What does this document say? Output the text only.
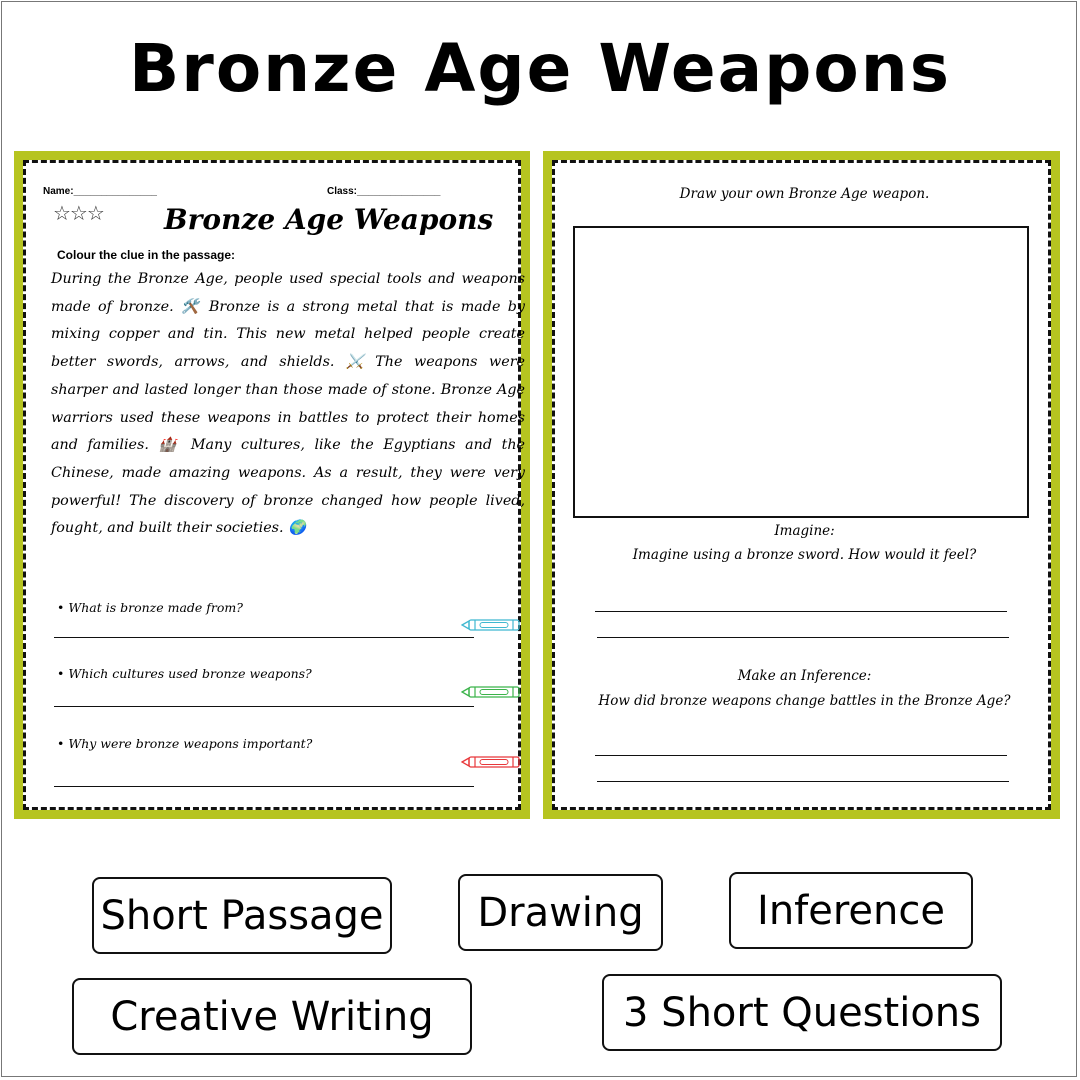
Bronze Age Weapons
Name:_______________	Class:_______________
☆☆☆ Bronze Age Weapons
Colour the clue in the passage:
During the Bronze Age, people used special tools and weapons made of bronze. 🛠️ Bronze is a strong metal that is made by mixing copper and tin. This new metal helped people create better swords, arrows, and shields. ⚔️ The weapons were sharper and lasted longer than those made of stone. Bronze Age warriors used these weapons in battles to protect their homes and families. 🏰 Many cultures, like the Egyptians and the Chinese, made amazing weapons. As a result, they were very powerful! The discovery of bronze changed how people lived, fought, and built their societies. 🌍
• What is bronze made from?
• Which cultures used bronze weapons?
• Why were bronze weapons important?
Draw your own Bronze Age weapon.
Imagine:
Imagine using a bronze sword. How would it feel?
Make an Inference:
How did bronze weapons change battles in the Bronze Age?
Short Passage	Drawing	Inference
Creative Writing	3 Short Questions
